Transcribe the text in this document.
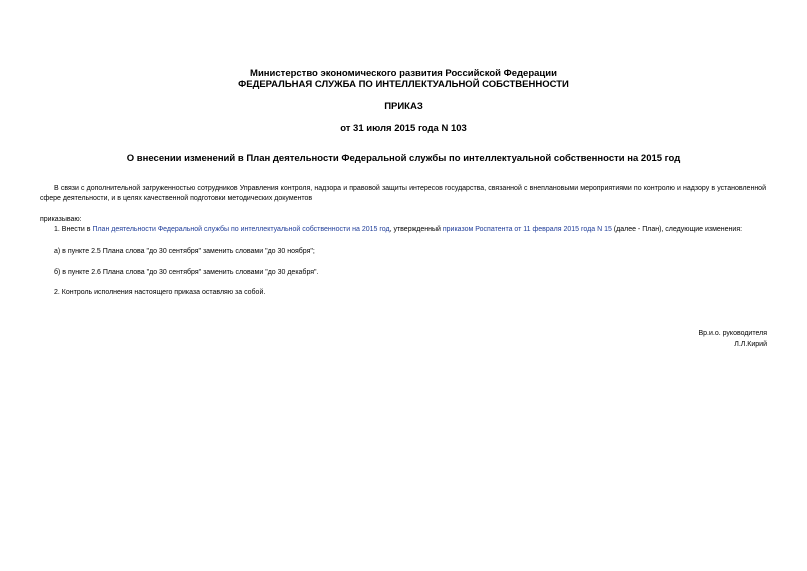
Министерство экономического развития Российской Федерации
ФЕДЕРАЛЬНАЯ СЛУЖБА ПО ИНТЕЛЛЕКТУАЛЬНОЙ СОБСТВЕННОСТИ
ПРИКАЗ
от 31 июля 2015 года N 103
О внесении изменений в План деятельности Федеральной службы по интеллектуальной собственности на 2015 год
В связи с дополнительной загруженностью сотрудников Управления контроля, надзора и правовой защиты интересов государства, связанной с внеплановыми мероприятиями по контролю и надзору в установленной сфере деятельности, и в целях качественной подготовки методических документов
приказываю:
1. Внести в План деятельности Федеральной службы по интеллектуальной собственности на 2015 год, утвержденный приказом Роспатента от 11 февраля 2015 года N 15 (далее - План), следующие изменения:
а) в пункте 2.5 Плана слова "до 30 сентября" заменить словами "до 30 ноября";
б) в пункте 2.6 Плана слова "до 30 сентября" заменить словами "до 30 декабря".
2. Контроль исполнения настоящего приказа оставляю за собой.
Вр.и.о. руководителя
Л.Л.Кирий
